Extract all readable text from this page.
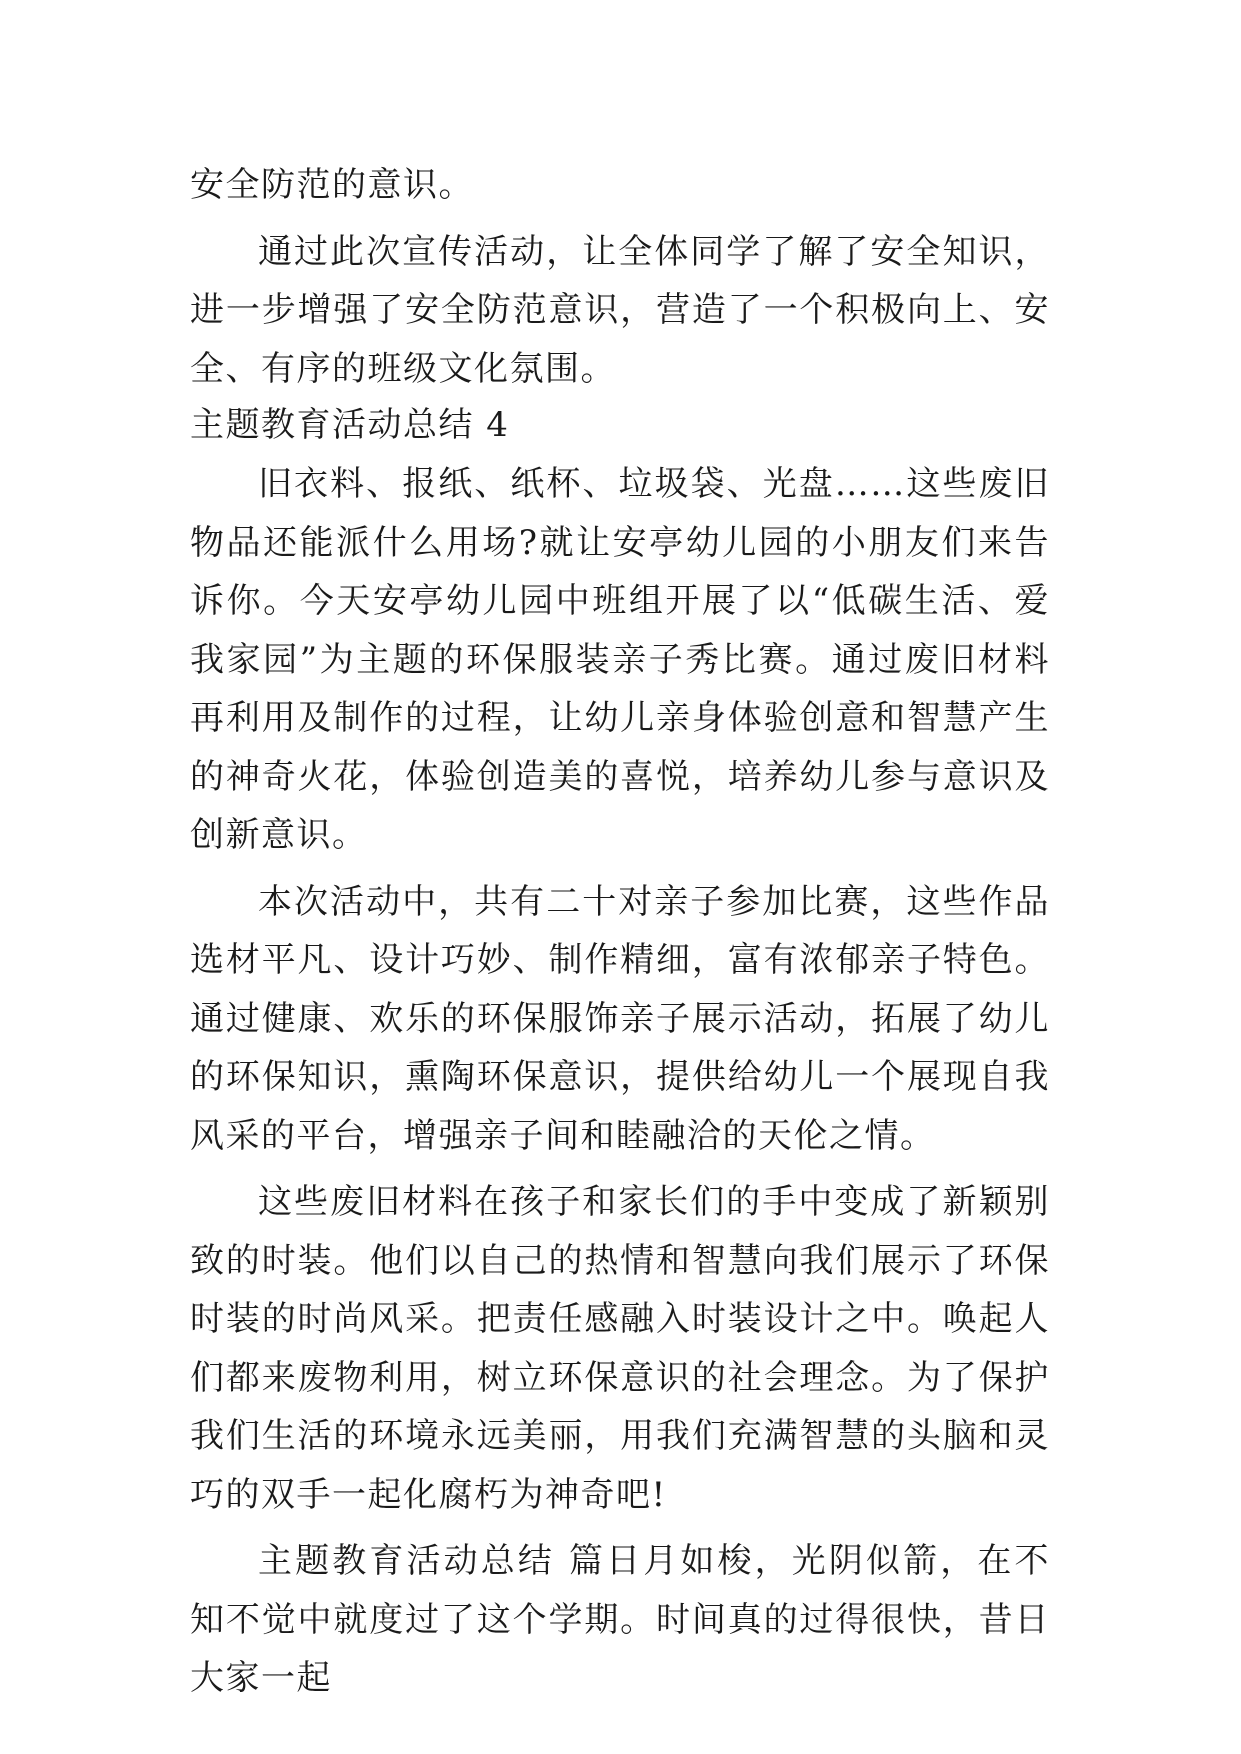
安全防范的意识。

通过此次宣传活动，让全体同学了解了安全知识，进一步增强了安全防范意识，营造了一个积极向上、安全、有序的班级文化氛围。

主题教育活动总结 4

旧衣料、报纸、纸杯、垃圾袋、光盘……这些废旧物品还能派什么用场?就让安亭幼儿园的小朋友们来告诉你。今天安亭幼儿园中班组开展了以“低碳生活、爱我家园”为主题的环保服装亲子秀比赛。通过废旧材料再利用及制作的过程，让幼儿亲身体验创意和智慧产生的神奇火花，体验创造美的喜悦，培养幼儿参与意识及创新意识。

本次活动中，共有二十对亲子参加比赛，这些作品选材平凡、设计巧妙、制作精细，富有浓郁亲子特色。通过健康、欢乐的环保服饰亲子展示活动，拓展了幼儿的环保知识，熏陶环保意识，提供给幼儿一个展现自我风采的平台，增强亲子间和睦融洽的天伦之情。

这些废旧材料在孩子和家长们的手中变成了新颖别致的时装。他们以自己的热情和智慧向我们展示了环保时装的时尚风采。把责任感融入时装设计之中。唤起人们都来废物利用，树立环保意识的社会理念。为了保护我们生活的环境永远美丽，用我们充满智慧的头脑和灵巧的双手一起化腐朽为神奇吧!

主题教育活动总结 篇日月如梭，光阴似箭，在不知不觉中就度过了这个学期。时间真的过得很快，昔日大家一起
